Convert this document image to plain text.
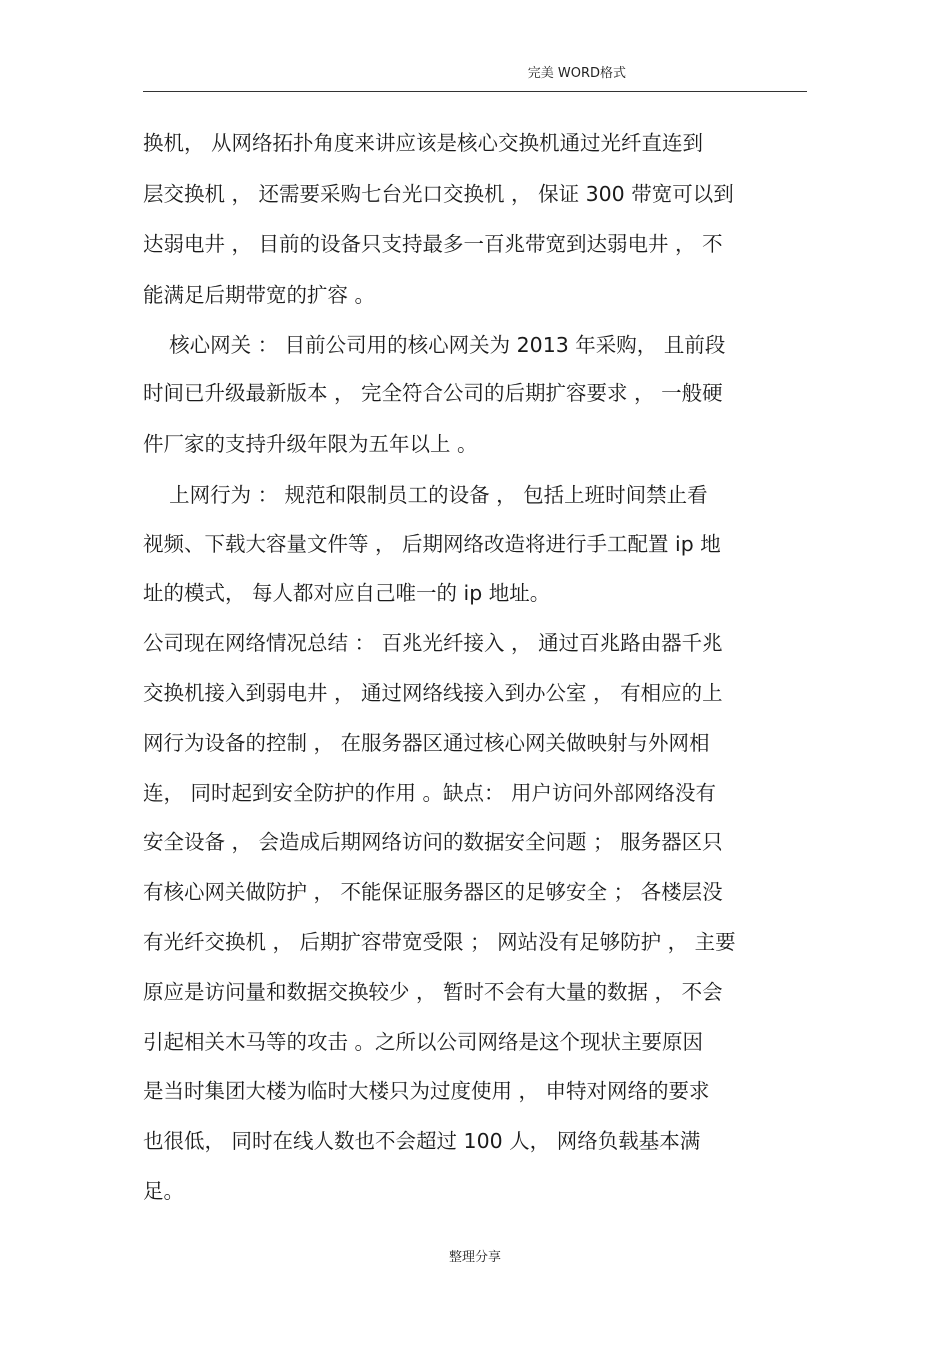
完美 WORD格式
换机， 从网络拓扑角度来讲应该是核心交换机通过光纤直连到
层交换机 ， 还需要采购七台光口交换机 ， 保证 300 带宽可以到
达弱电井 ， 目前的设备只支持最多一百兆带宽到达弱电井 ， 不
能满足后期带宽的扩容 。
核心网关 ： 目前公司用的核心网关为 2013 年采购， 且前段
时间已升级最新版本 ， 完全符合公司的后期扩容要求 ， 一般硬
件厂家的支持升级年限为五年以上 。
上网行为 ： 规范和限制员工的设备 ， 包括上班时间禁止看
视频、下载大容量文件等 ， 后期网络改造将进行手工配置 ip 地
址的模式， 每人都对应自己唯一的 ip 地址。
公司现在网络情况总结 ： 百兆光纤接入 ， 通过百兆路由器千兆
交换机接入到弱电井 ， 通过网络线接入到办公室 ， 有相应的上
网行为设备的控制 ， 在服务器区通过核心网关做映射与外网相
连， 同时起到安全防护的作用 。缺点： 用户访问外部网络没有
安全设备 ， 会造成后期网络访问的数据安全问题 ； 服务器区只
有核心网关做防护 ， 不能保证服务器区的足够安全 ； 各楼层没
有光纤交换机 ， 后期扩容带宽受限 ； 网站没有足够防护 ， 主要
原应是访问量和数据交换较少 ， 暂时不会有大量的数据 ， 不会
引起相关木马等的攻击 。之所以公司网络是这个现状主要原因
是当时集团大楼为临时大楼只为过度使用 ， 申特对网络的要求
也很低， 同时在线人数也不会超过 100 人， 网络负载基本满
足。
整理分享
